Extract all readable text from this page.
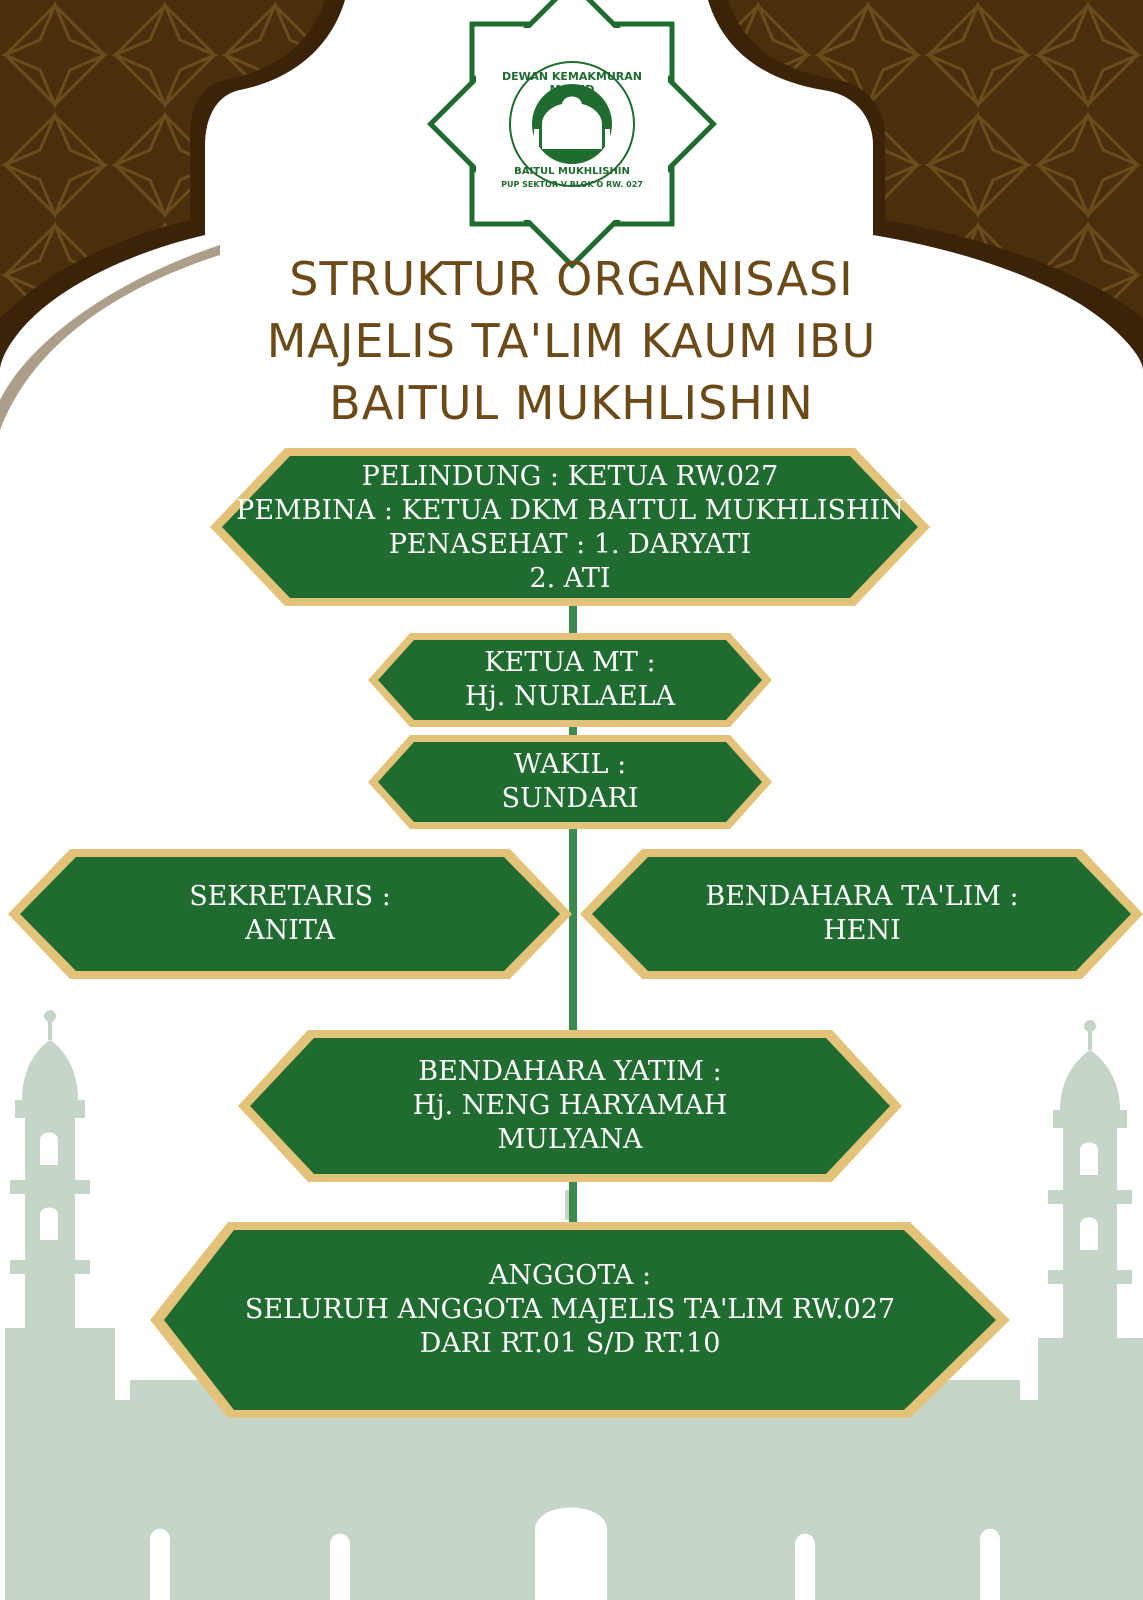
DEWAN KEMAKMURAN MASJID
BAITUL MUKHLISHIN
PUP SEKTOR V BLOK O RW. 027
STRUKTUR ORGANISASI
MAJELIS TA'LIM KAUM IBU
BAITUL MUKHLISHIN
PELINDUNG : KETUA RW.027
PEMBINA : KETUA DKM BAITUL MUKHLISHIN
PENASEHAT : 1. DARYATI
2. ATI
KETUA MT :
Hj. NURLAELA
WAKIL :
SUNDARI
SEKRETARIS :
ANITA
BENDAHARA TA'LIM :
HENI
BENDAHARA YATIM :
Hj. NENG HARYAMAH
MULYANA
ANGGOTA :
SELURUH ANGGOTA MAJELIS TA'LIM RW.027
DARI RT.01 S/D RT.10
